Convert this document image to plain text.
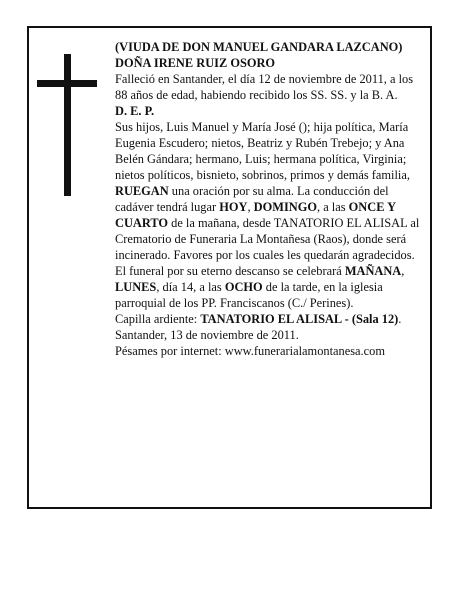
(VIUDA DE DON MANUEL GANDARA LAZCANO)

DOÑA IRENE RUIZ OSORO

Falleció en Santander, el día 12 de noviembre de 2011, a los 88 años de edad, habiendo recibido los SS. SS. y la B. A.

D. E. P.

Sus hijos, Luis Manuel y María José (); hija política, María Eugenia Escudero; nietos, Beatriz y Rubén Trebejo; y Ana Belén Gándara; hermano, Luis; hermana política, Virginia; nietos políticos, bisnieto, sobrinos, primos y demás familia,

RUEGAN una oración por su alma. La conducción del cadáver tendrá lugar HOY, DOMINGO, a las ONCE Y CUARTO de la mañana, desde TANATORIO EL ALISAL al Crematorio de Funeraria La Montañesa (Raos), donde será incinerado. Favores por los cuales les quedarán agradecidos. El funeral por su eterno descanso se celebrará MAÑANA, LUNES, día 14, a las OCHO de la tarde, en la iglesia parroquial de los PP. Franciscanos (C./ Perines).

Capilla ardiente: TANATORIO EL ALISAL - (Sala 12).

Santander, 13 de noviembre de 2011.

Pésames por internet: www.funerarialamontanesa.com
